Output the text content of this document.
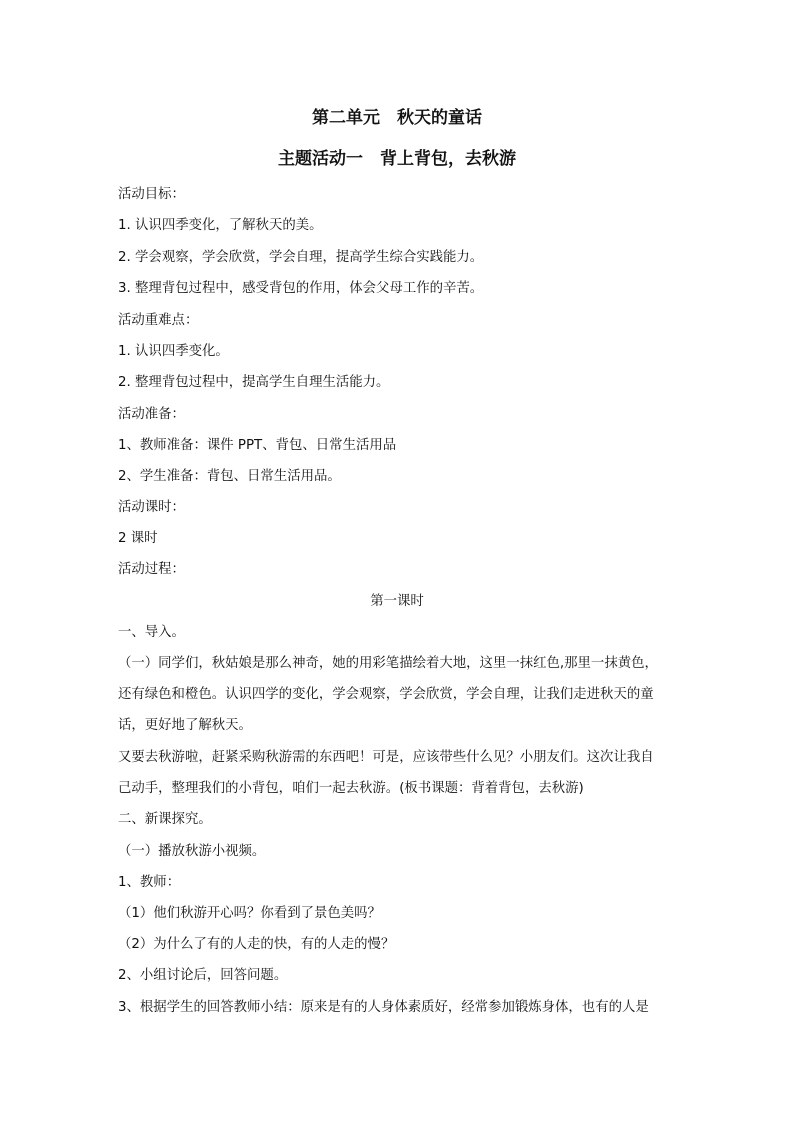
第二单元　秋天的童话
主题活动一　背上背包，去秋游
活动目标：
1. 认识四季变化，了解秋天的美。
2. 学会观察，学会欣赏，学会自理，提高学生综合实践能力。
3. 整理背包过程中，感受背包的作用，体会父母工作的辛苦。
活动重难点：
1. 认识四季变化。
2. 整理背包过程中，提高学生自理生活能力。
活动准备：
1、教师准备：课件 PPT、背包、日常生活用品
2、学生准备：背包、日常生活用品。
活动课时：
2 课时
活动过程：
第一课时
一、导入。
（一）同学们，秋姑娘是那么神奇，她的用彩笔描绘着大地，这里一抹红色,那里一抹黄色，
还有绿色和橙色。认识四学的变化，学会观察，学会欣赏，学会自理，让我们走进秋天的童
话，更好地了解秋天。
又要去秋游啦，赶紧采购秋游需的东西吧！可是，应该带些什么见？小朋友们。这次让我自
己动手，整理我们的小背包，咱们一起去秋游。(板书课题：背着背包，去秋游)
二、新课探究。
（一）播放秋游小视频。
1、教师：
（1）他们秋游开心吗？你看到了景色美吗？
（2）为什么了有的人走的快，有的人走的慢？
2、小组讨论后，回答问题。
3、根据学生的回答教师小结：原来是有的人身体素质好，经常参加锻炼身体，也有的人是
